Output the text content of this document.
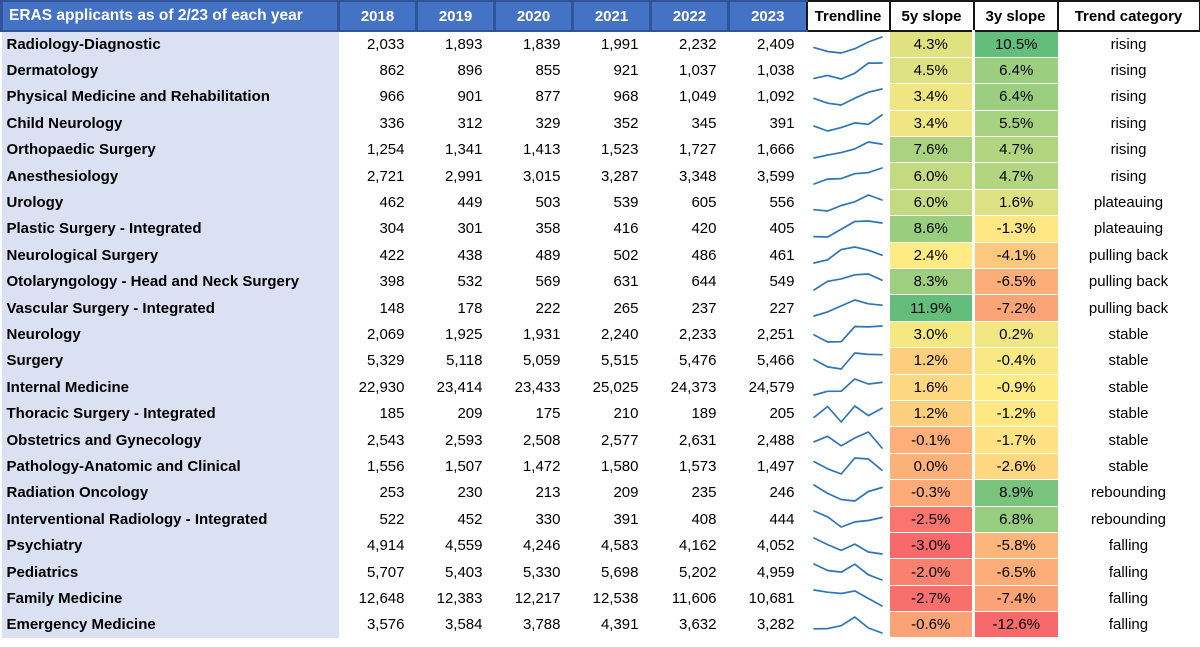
ERAS applicants as of 2/23 of each year	2018	2019	2020	2021	2022	2023	Trendline	5y slope	3y slope	Trend category
Radiology-Diagnostic	2,033	1,893	1,839	1,991	2,232	2,409		4.3%	10.5%	rising
Dermatology	862	896	855	921	1,037	1,038		4.5%	6.4%	rising
Physical Medicine and Rehabilitation	966	901	877	968	1,049	1,092		3.4%	6.4%	rising
Child Neurology	336	312	329	352	345	391		3.4%	5.5%	rising
Orthopaedic Surgery	1,254	1,341	1,413	1,523	1,727	1,666		7.6%	4.7%	rising
Anesthesiology	2,721	2,991	3,015	3,287	3,348	3,599		6.0%	4.7%	rising
Urology	462	449	503	539	605	556		6.0%	1.6%	plateauing
Plastic Surgery - Integrated	304	301	358	416	420	405		8.6%	-1.3%	plateauing
Neurological Surgery	422	438	489	502	486	461		2.4%	-4.1%	pulling back
Otolaryngology - Head and Neck Surgery	398	532	569	631	644	549		8.3%	-6.5%	pulling back
Vascular Surgery - Integrated	148	178	222	265	237	227		11.9%	-7.2%	pulling back
Neurology	2,069	1,925	1,931	2,240	2,233	2,251		3.0%	0.2%	stable
Surgery	5,329	5,118	5,059	5,515	5,476	5,466		1.2%	-0.4%	stable
Internal Medicine	22,930	23,414	23,433	25,025	24,373	24,579		1.6%	-0.9%	stable
Thoracic Surgery - Integrated	185	209	175	210	189	205		1.2%	-1.2%	stable
Obstetrics and Gynecology	2,543	2,593	2,508	2,577	2,631	2,488		-0.1%	-1.7%	stable
Pathology-Anatomic and Clinical	1,556	1,507	1,472	1,580	1,573	1,497		0.0%	-2.6%	stable
Radiation Oncology	253	230	213	209	235	246		-0.3%	8.9%	rebounding
Interventional Radiology - Integrated	522	452	330	391	408	444		-2.5%	6.8%	rebounding
Psychiatry	4,914	4,559	4,246	4,583	4,162	4,052		-3.0%	-5.8%	falling
Pediatrics	5,707	5,403	5,330	5,698	5,202	4,959		-2.0%	-6.5%	falling
Family Medicine	12,648	12,383	12,217	12,538	11,606	10,681		-2.7%	-7.4%	falling
Emergency Medicine	3,576	3,584	3,788	4,391	3,632	3,282		-0.6%	-12.6%	falling
